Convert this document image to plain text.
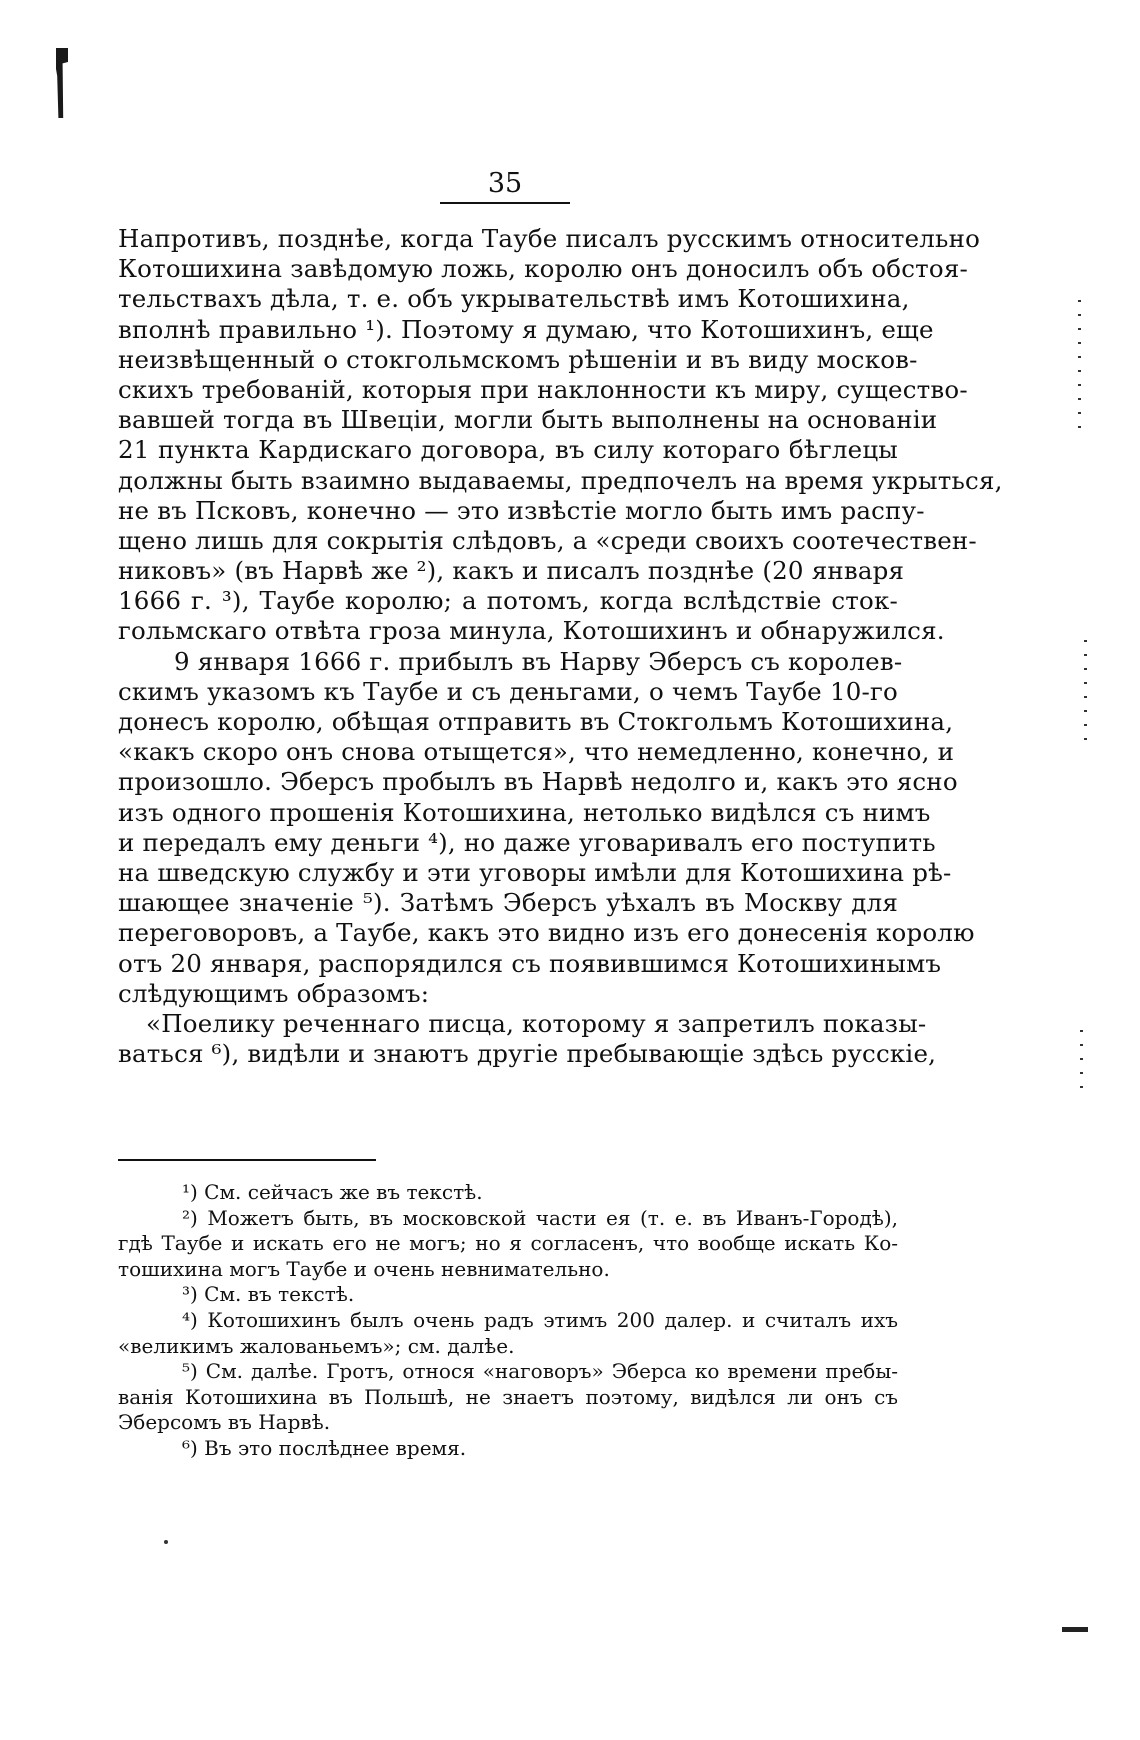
35
Напротивъ, позднѣе, когда Таубе писалъ русскимъ относительно
Котошихина завѣдомую ложь, королю онъ доносилъ объ обстоя-
тельствахъ дѣла, т. е. объ укрывательствѣ имъ Котошихина,
вполнѣ правильно ¹). Поэтому я думаю, что Котошихинъ, еще
неизвѣщенный о стокгольмскомъ рѣшеніи и въ виду москов-
скихъ требованій, которыя при наклонности къ миру, существо-
вавшей тогда въ Швеціи, могли быть выполнены на основаніи
21 пункта Кардискаго договора, въ силу котораго бѣглецы
должны быть взаимно выдаваемы, предпочелъ на время укрыться,
не въ Псковъ, конечно — это извѣстіе могло быть имъ распу-
щено лишь для сокрытія слѣдовъ, а «среди своихъ соотечествен-
никовъ» (въ Нарвѣ же ²), какъ и писалъ позднѣе (20 января
1666 г. ³), Таубе королю; а потомъ, когда вслѣдствіе сток-
гольмскаго отвѣта гроза минула, Котошихинъ и обнаружился.
9 января 1666 г. прибылъ въ Нарву Эберсъ съ королев-
скимъ указомъ къ Таубе и съ деньгами, о чемъ Таубе 10-го
донесъ королю, обѣщая отправить въ Стокгольмъ Котошихина,
«какъ скоро онъ снова отыщется», что немедленно, конечно, и
произошло. Эберсъ пробылъ въ Нарвѣ недолго и, какъ это ясно
изъ одного прошенія Котошихина, нетолько видѣлся съ нимъ
и передалъ ему деньги ⁴), но даже уговаривалъ его поступить
на шведскую службу и эти уговоры имѣли для Котошихина рѣ-
шающее значеніе ⁵). Затѣмъ Эберсъ уѣхалъ въ Москву для
переговоровъ, а Таубе, какъ это видно изъ его донесенія королю
отъ 20 января, распорядился съ появившимся Котошихинымъ
слѣдующимъ образомъ:
«Поелику реченнаго писца, которому я запретилъ показы-
ваться ⁶), видѣли и знаютъ другіе пребывающіе здѣсь русскіе,
¹) См. сейчасъ же въ текстѣ.
²) Можетъ быть, въ московской части ея (т. е. въ Иванъ-Городѣ),
гдѣ Таубе и искать его не могъ; но я согласенъ, что вообще искать Ко-
тошихина могъ Таубе и очень невнимательно.
³) См. въ текстѣ.
⁴) Котошихинъ былъ очень радъ этимъ 200 далер. и считалъ ихъ
«великимъ жалованьемъ»; см. далѣе.
⁵) См. далѣе. Гротъ, относя «наговоръ» Эберса ко времени пребы-
ванія Котошихина въ Польшѣ, не знаетъ поэтому, видѣлся ли онъ съ
Эберсомъ въ Нарвѣ.
⁶) Въ это послѣднее время.
